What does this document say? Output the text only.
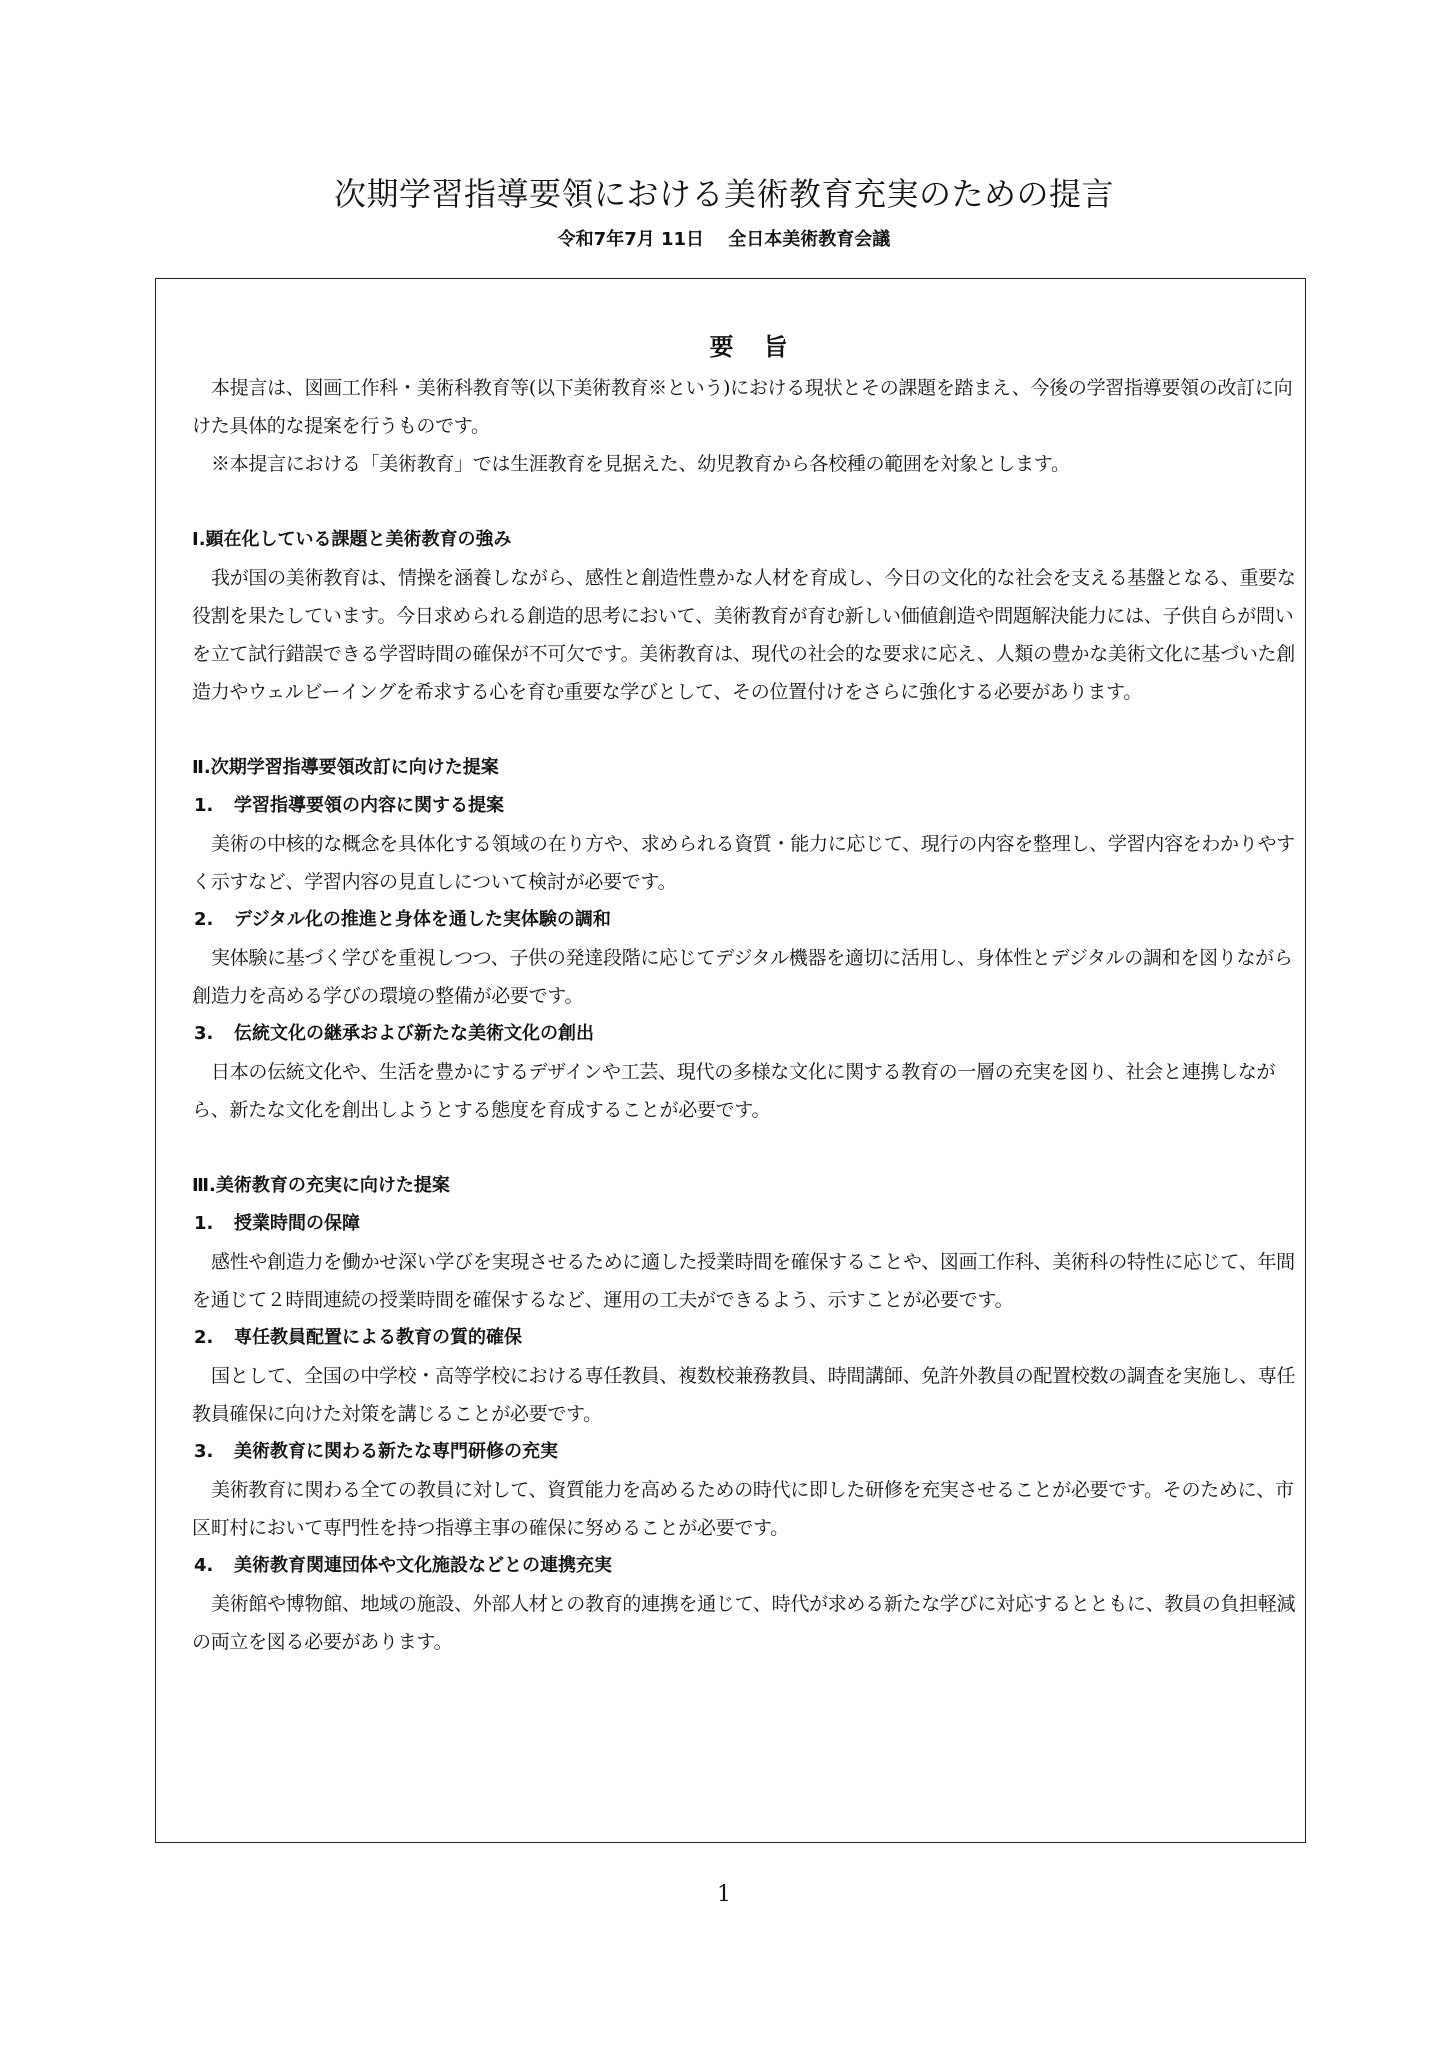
次期学習指導要領における美術教育充実のための提言
令和7年7月 11日　 全日本美術教育会議
要旨

本提言は、図画工作科・美術科教育等(以下美術教育※という)における現状とその課題を踏まえ、今後の学習指導要領の改訂に向けた具体的な提案を行うものです。

※本提言における「美術教育」では生涯教育を見据えた、幼児教育から各校種の範囲を対象とします。

Ⅰ.顕在化している課題と美術教育の強み

我が国の美術教育は、情操を涵養しながら、感性と創造性豊かな人材を育成し、今日の文化的な社会を支える基盤となる、重要な役割を果たしています。今日求められる創造的思考において、美術教育が育む新しい価値創造や問題解決能力には、子供自らが問いを立て試行錯誤できる学習時間の確保が不可欠です。美術教育は、現代の社会的な要求に応え、人類の豊かな美術文化に基づいた創造力やウェルビーイングを希求する心を育む重要な学びとして、その位置付けをさらに強化する必要があります。

Ⅱ.次期学習指導要領改訂に向けた提案

1.	学習指導要領の内容に関する提案

美術の中核的な概念を具体化する領域の在り方や、求められる資質・能力に応じて、現行の内容を整理し、学習内容をわかりやすく示すなど、学習内容の見直しについて検討が必要です。

2.	デジタル化の推進と身体を通した実体験の調和

実体験に基づく学びを重視しつつ、子供の発達段階に応じてデジタル機器を適切に活用し、身体性とデジタルの調和を図りながら創造力を高める学びの環境の整備が必要です。

3.	伝統文化の継承および新たな美術文化の創出

日本の伝統文化や、生活を豊かにするデザインや工芸、現代の多様な文化に関する教育の一層の充実を図り、社会と連携しながら、新たな文化を創出しようとする態度を育成することが必要です。

Ⅲ.美術教育の充実に向けた提案

1.	授業時間の保障

感性や創造力を働かせ深い学びを実現させるために適した授業時間を確保することや、図画工作科、美術科の特性に応じて、年間を通じて２時間連続の授業時間を確保するなど、運用の工夫ができるよう、示すことが必要です。

2.	専任教員配置による教育の質的確保

国として、全国の中学校・高等学校における専任教員、複数校兼務教員、時間講師、免許外教員の配置校数の調査を実施し、専任教員確保に向けた対策を講じることが必要です。

3.	美術教育に関わる新たな専門研修の充実

美術教育に関わる全ての教員に対して、資質能力を高めるための時代に即した研修を充実させることが必要です。そのために、市区町村において専門性を持つ指導主事の確保に努めることが必要です。

4.	美術教育関連団体や文化施設などとの連携充実

美術館や博物館、地域の施設、外部人材との教育的連携を通じて、時代が求める新たな学びに対応するとともに、教員の負担軽減の両立を図る必要があります。

1
